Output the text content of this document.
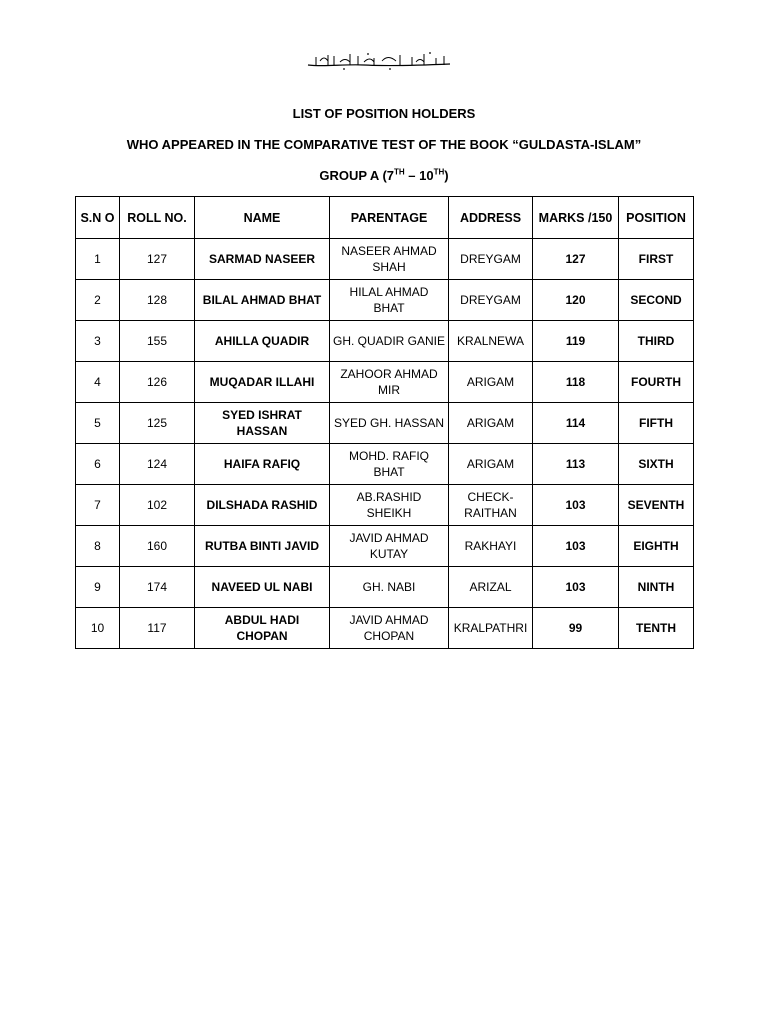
LIST OF POSITION HOLDERS
WHO APPEARED IN THE COMPARATIVE TEST OF THE BOOK “GULDASTA-ISLAM”
GROUP A (7TH – 10TH)
S.N O	ROLL NO.	NAME	PARENTAGE	ADDRESS	MARKS /150	POSITION
1	127	SARMAD NASEER	NASEER AHMAD SHAH	DREYGAM	127	FIRST
2	128	BILAL AHMAD BHAT	HILAL AHMAD BHAT	DREYGAM	120	SECOND
3	155	AHILLA QUADIR	GH. QUADIR GANIE	KRALNEWA	119	THIRD
4	126	MUQADAR ILLAHI	ZAHOOR AHMAD MIR	ARIGAM	118	FOURTH
5	125	SYED ISHRAT HASSAN	SYED GH. HASSAN	ARIGAM	114	FIFTH
6	124	HAIFA RAFIQ	MOHD. RAFIQ BHAT	ARIGAM	113	SIXTH
7	102	DILSHADA RASHID	AB.RASHID SHEIKH	CHECK-RAITHAN	103	SEVENTH
8	160	RUTBA BINTI JAVID	JAVID AHMAD KUTAY	RAKHAYI	103	EIGHTH
9	174	NAVEED UL NABI	GH. NABI	ARIZAL	103	NINTH
10	117	ABDUL HADI CHOPAN	JAVID AHMAD CHOPAN	KRALPATHRI	99	TENTH
